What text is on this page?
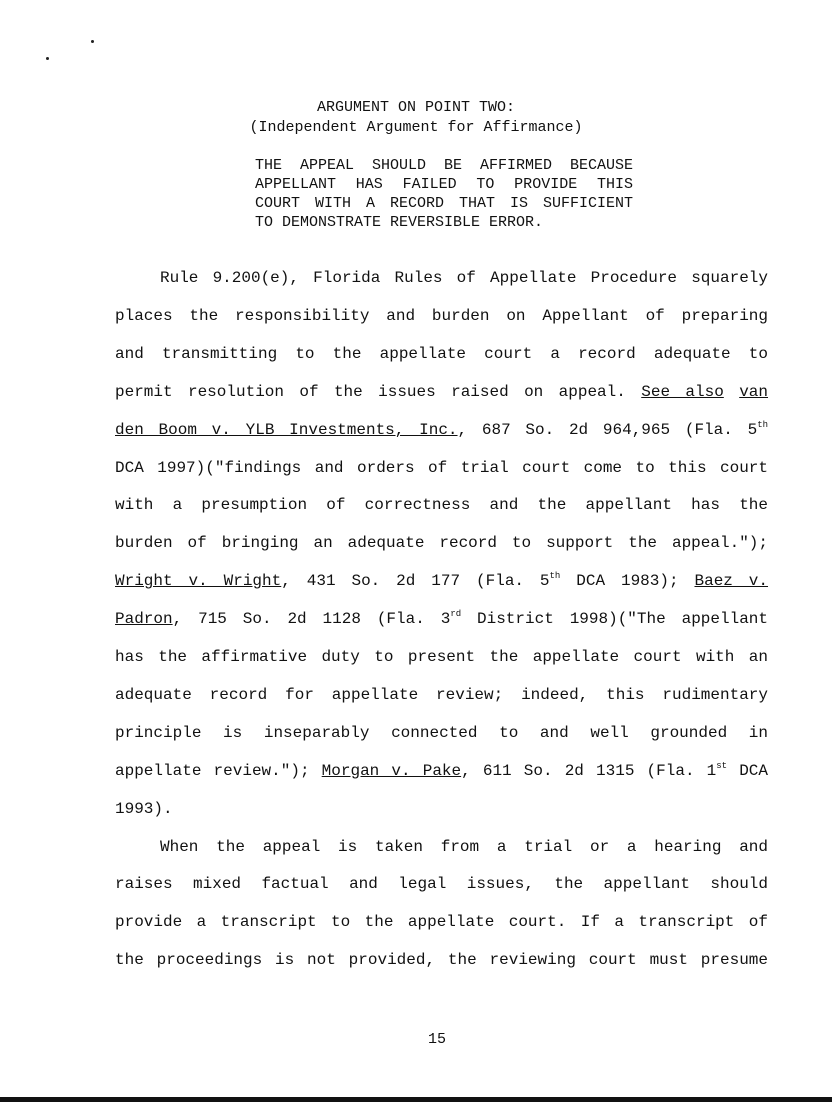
ARGUMENT ON POINT TWO:
(Independent Argument for Affirmance)
THE APPEAL SHOULD BE AFFIRMED BECAUSE
APPELLANT HAS FAILED TO PROVIDE THIS
COURT WITH A RECORD THAT IS SUFFICIENT
TO DEMONSTRATE REVERSIBLE ERROR.
Rule 9.200(e), Florida Rules of Appellate Procedure squarely
places the responsibility and burden on Appellant of preparing
and transmitting to the appellate court a record adequate to
permit resolution of the issues raised on appeal. See also van
den Boom v. YLB Investments, Inc., 687 So. 2d 964,965 (Fla. 5th
DCA 1997)("findings and orders of trial court come to this court
with a presumption of correctness and the appellant has the
burden of bringing an adequate record to support the appeal.");
Wright v. Wright, 431 So. 2d 177 (Fla. 5th DCA 1983); Baez v.
Padron, 715 So. 2d 1128 (Fla. 3rd District 1998)("The appellant
has the affirmative duty to present the appellate court with an
adequate record for appellate review; indeed, this rudimentary
principle is inseparably connected to and well grounded in
appellate review."); Morgan v. Pake, 611 So. 2d 1315 (Fla. 1st DCA
1993).
When the appeal is taken from a trial or a hearing and
raises mixed factual and legal issues, the appellant should
provide a transcript to the appellate court. If a transcript of
the proceedings is not provided, the reviewing court must presume
15
